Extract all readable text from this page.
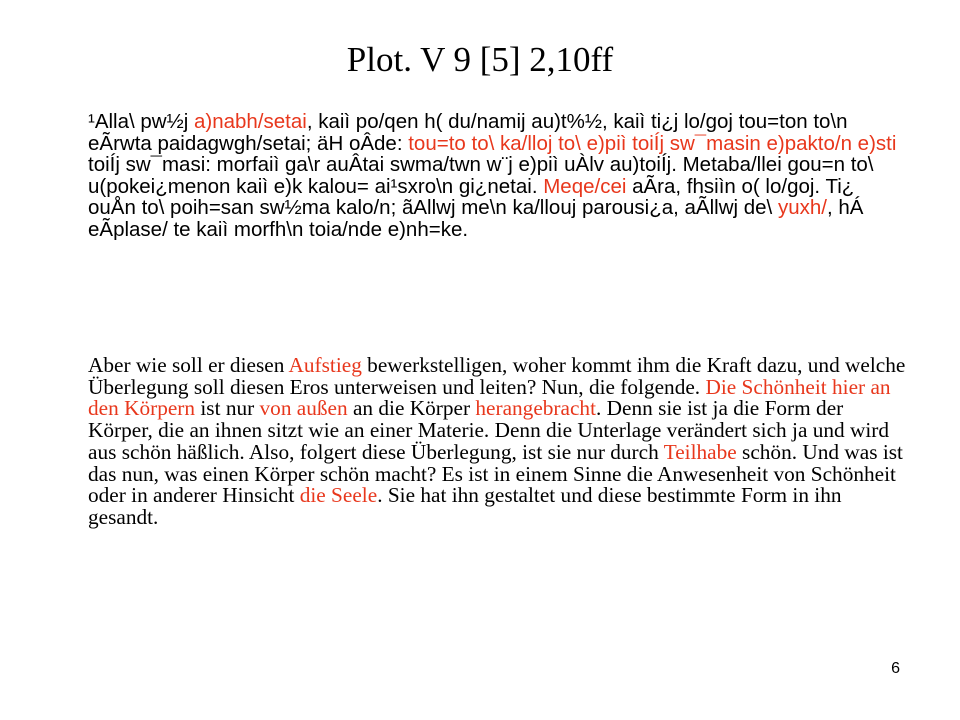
Plot. V 9 [5] 2,10ff
¹Alla\ pw½j a)nabh/setai, kaiì po/qen h( du/namij au)t%½, kaiì ti¿j lo/goj tou=ton to\n eÃrwta paidagwgh/setai; äH oÂde: tou=to to\ ka/lloj to\ e)piì toiÍj sw¯masin e)pakto/n e)sti toiÍj sw¯masi: morfaiì ga\r auÂtai swma/twn w¨j e)piì uÀlv au)toiÍj. Metaba/llei gou=n to\ u(pokei¿menon kaiì e)k kalou= ai¹sxro\n gi¿netai. Meqe/cei aÃra, fhsiìn o( lo/goj. Ti¿ ouÅn to\ poih=san sw½ma kalo/n; ãAllwj me\n ka/llouj parousi¿a, aÃllwj de\ yuxh/, hÁ eÃplase/ te kaiì morfh\n toia/nde e)nh=ke.
Aber wie soll er diesen Aufstieg bewerkstelligen, woher kommt ihm die Kraft dazu, und welche Überlegung soll diesen Eros unterweisen und leiten? Nun, die folgende. Die Schönheit hier an den Körpern ist nur von außen an die Körper herangebracht. Denn sie ist ja die Form der Körper, die an ihnen sitzt wie an einer Materie. Denn die Unterlage verändert sich ja und wird aus schön häßlich. Also, folgert diese Überlegung, ist sie nur durch Teilhabe schön. Und was ist das nun, was einen Körper schön macht? Es ist in einem Sinne die Anwesenheit von Schönheit oder in anderer Hinsicht die Seele. Sie hat ihn gestaltet und diese bestimmte Form in ihn gesandt.
6
